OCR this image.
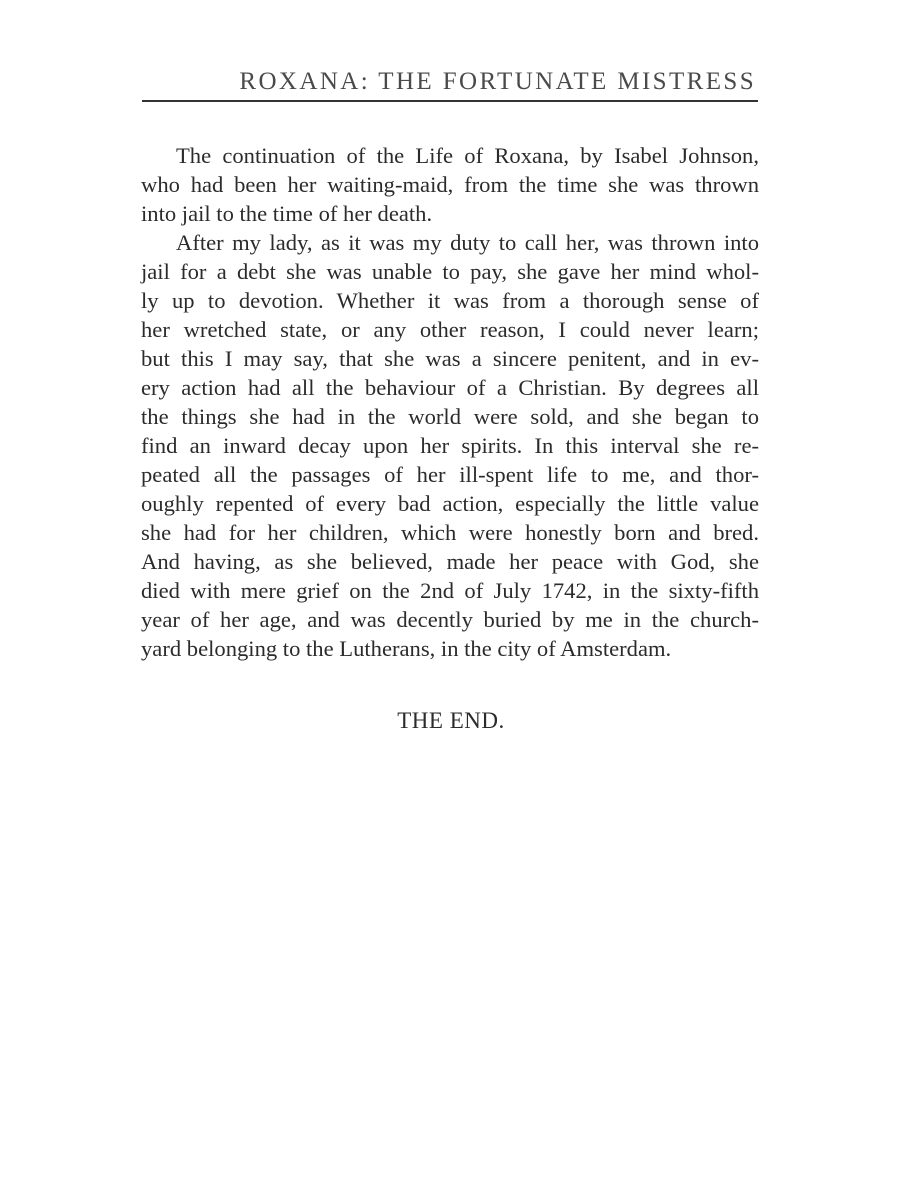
ROXANA: THE FORTUNATE MISTRESS

The continuation of the Life of Roxana, by Isabel Johnson,
who had been her waiting-maid, from the time she was thrown
into jail to the time of her death.

After my lady, as it was my duty to call her, was thrown into
jail for a debt she was unable to pay, she gave her mind whol-
ly up to devotion. Whether it was from a thorough sense of
her wretched state, or any other reason, I could never learn;
but this I may say, that she was a sincere penitent, and in ev-
ery action had all the behaviour of a Christian. By degrees all
the things she had in the world were sold, and she began to
find an inward decay upon her spirits. In this interval she re-
peated all the passages of her ill-spent life to me, and thor-
oughly repented of every bad action, especially the little value
she had for her children, which were honestly born and bred.
And having, as she believed, made her peace with God, she
died with mere grief on the 2nd of July 1742, in the sixty-fifth
year of her age, and was decently buried by me in the church-
yard belonging to the Lutherans, in the city of Amsterdam.

THE END.
